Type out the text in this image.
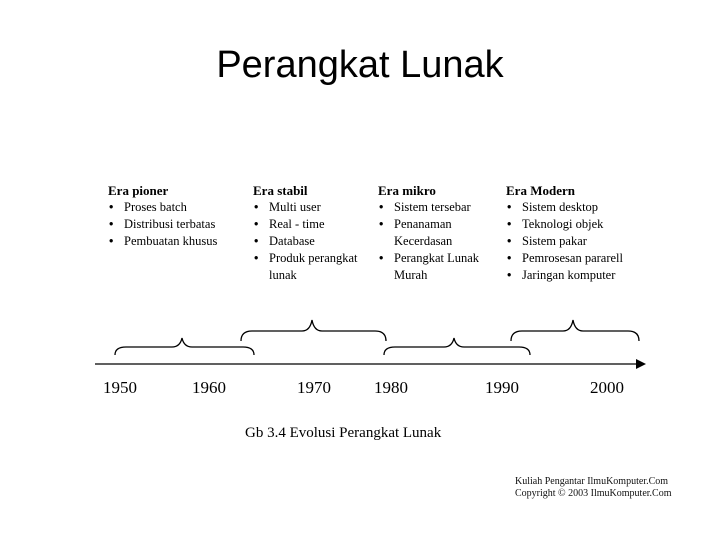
Perangkat Lunak
Era pioner
• Proses batch
• Distribusi terbatas
• Pembuatan khusus
Era stabil
• Multi user
• Real - time
• Database
• Produk perangkat
lunak
Era mikro
• Sistem tersebar
• Penanaman
Kecerdasan
• Perangkat Lunak
Murah
Era Modern
• Sistem desktop
• Teknologi objek
• Sistem pakar
• Pemrosesan pararell
• Jaringan komputer
1950	1960	1970	1980	1990	2000
Gb 3.4 Evolusi Perangkat Lunak
Kuliah Pengantar IlmuKomputer.Com
Copyright © 2003 IlmuKomputer.Com
